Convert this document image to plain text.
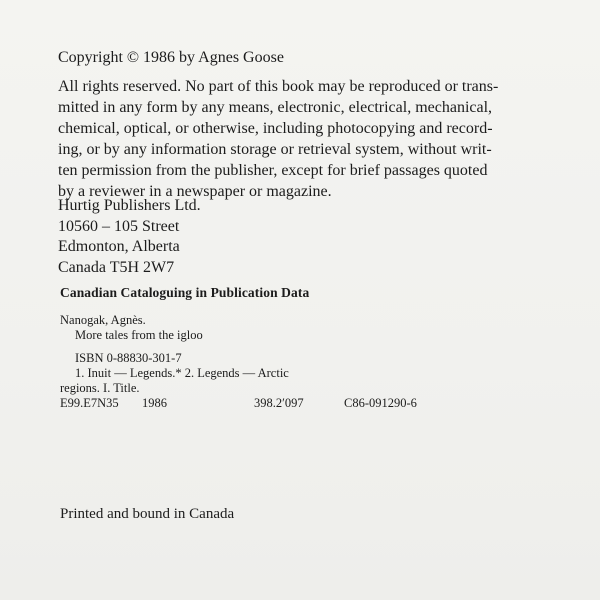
Copyright © 1986 by Agnes Goose
All rights reserved. No part of this book may be reproduced or trans-
mitted in any form by any means, electronic, electrical, mechanical,
chemical, optical, or otherwise, including photocopying and record-
ing, or by any information storage or retrieval system, without writ-
ten permission from the publisher, except for brief passages quoted
by a reviewer in a newspaper or magazine.
Hurtig Publishers Ltd.
10560 – 105 Street
Edmonton, Alberta
Canada T5H 2W7
Canadian Cataloguing in Publication Data
Nanogak, Agnès.
More tales from the igloo
ISBN 0-88830-301-7
1. Inuit — Legends.* 2. Legends — Arctic
regions. I. Title.
E99.E7N35	1986	398.2′097	C86-091290-6
Printed and bound in Canada
